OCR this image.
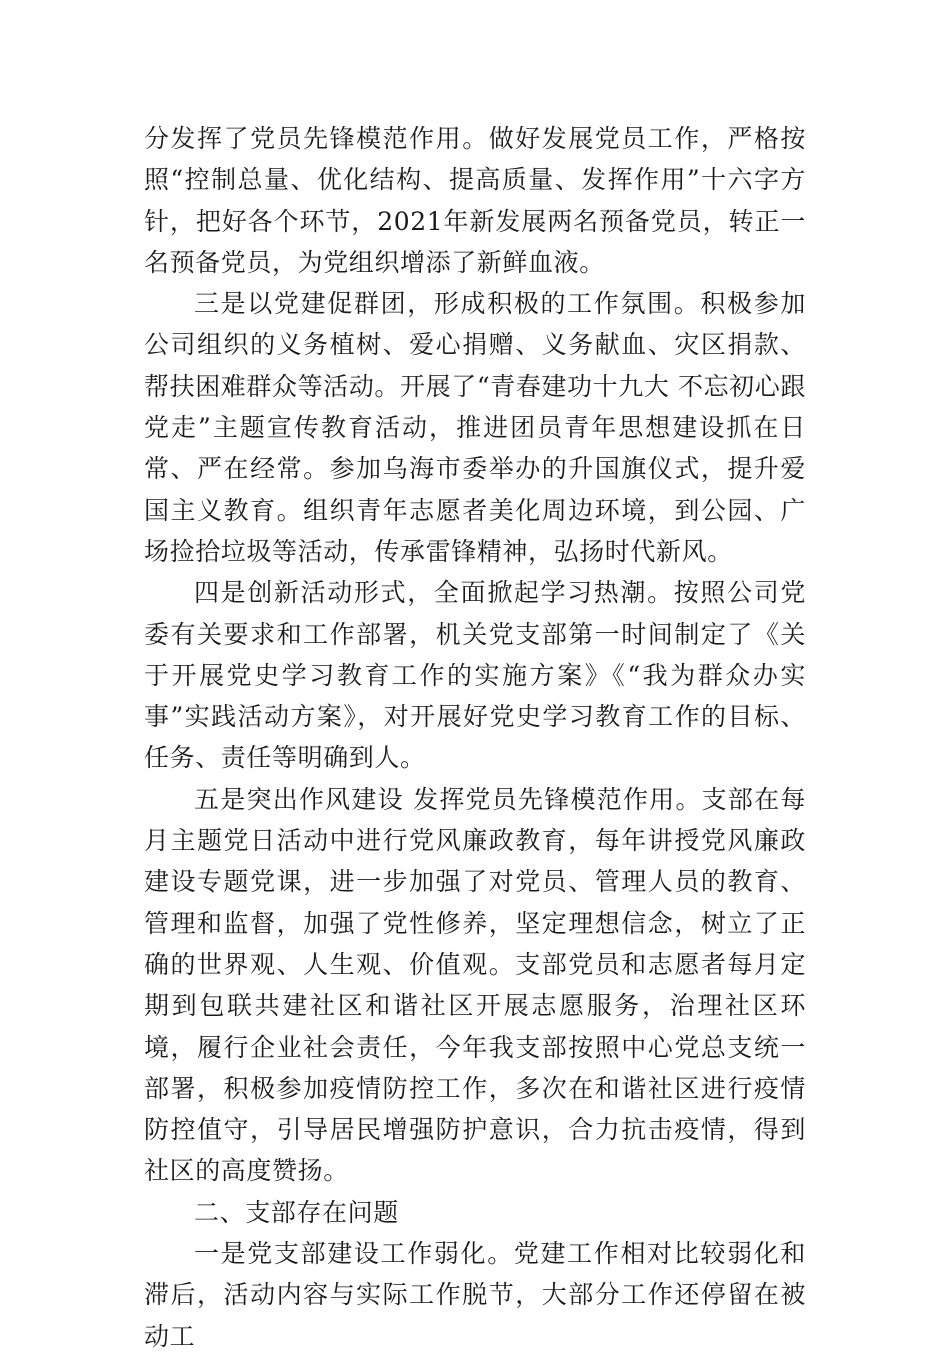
分发挥了党员先锋模范作用。做好发展党员工作，严格按照“控制总量、优化结构、提高质量、发挥作用”十六字方针，把好各个环节，2021年新发展两名预备党员，转正一名预备党员，为党组织增添了新鲜血液。

三是以党建促群团，形成积极的工作氛围。积极参加公司组织的义务植树、爱心捐赠、义务献血、灾区捐款、帮扶困难群众等活动。开展了“青春建功十九大 不忘初心跟党走”主题宣传教育活动，推进团员青年思想建设抓在日常、严在经常。参加乌海市委举办的升国旗仪式，提升爱国主义教育。组织青年志愿者美化周边环境，到公园、广场捡拾垃圾等活动，传承雷锋精神，弘扬时代新风。

四是创新活动形式，全面掀起学习热潮。按照公司党委有关要求和工作部署，机关党支部第一时间制定了《关于开展党史学习教育工作的实施方案》《“我为群众办实事”实践活动方案》，对开展好党史学习教育工作的目标、任务、责任等明确到人。

五是突出作风建设 发挥党员先锋模范作用。支部在每月主题党日活动中进行党风廉政教育，每年讲授党风廉政建设专题党课，进一步加强了对党员、管理人员的教育、管理和监督，加强了党性修养，坚定理想信念，树立了正确的世界观、人生观、价值观。支部党员和志愿者每月定期到包联共建社区和谐社区开展志愿服务，治理社区环境，履行企业社会责任，今年我支部按照中心党总支统一部署，积极参加疫情防控工作，多次在和谐社区进行疫情防控值守，引导居民增强防护意识，合力抗击疫情，得到社区的高度赞扬。

二、支部存在问题

一是党支部建设工作弱化。党建工作相对比较弱化和滞后，活动内容与实际工作脱节，大部分工作还停留在被动工
